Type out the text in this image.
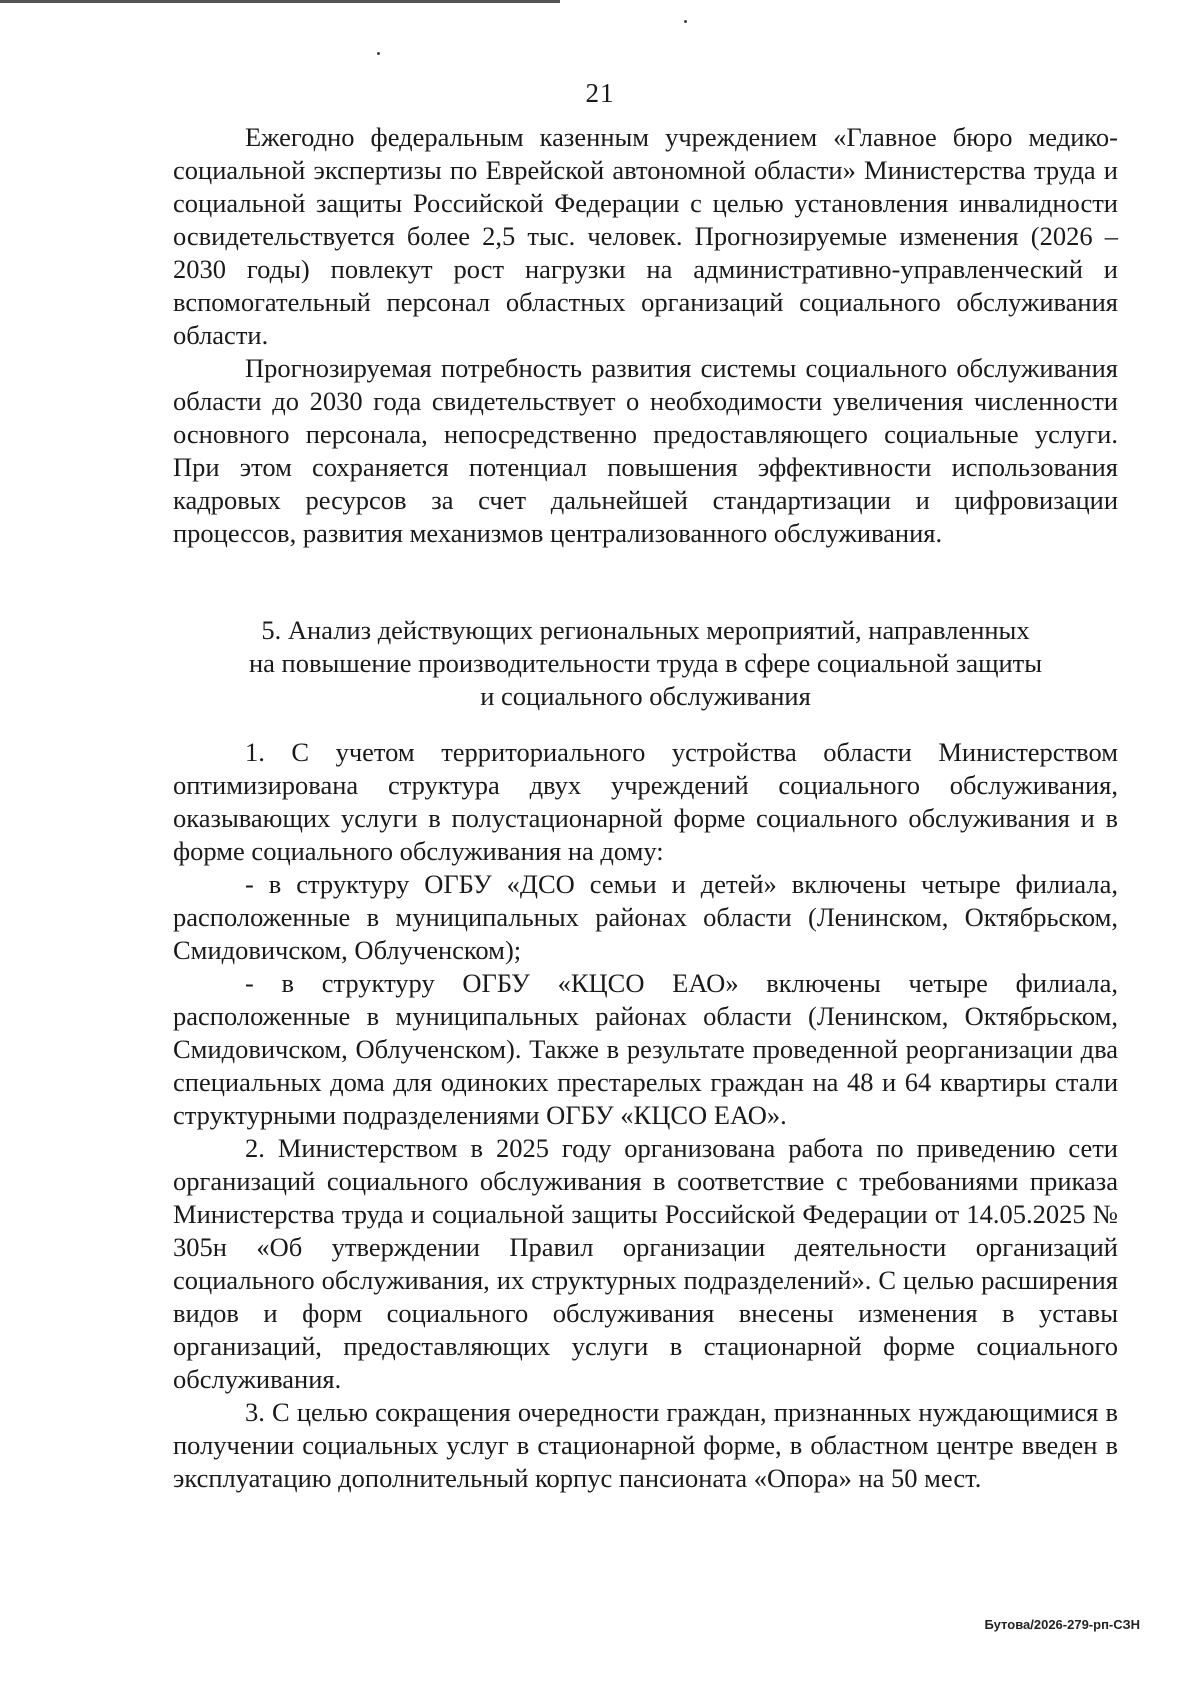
21

Ежегодно федеральным казенным учреждением «Главное бюро медико-социальной экспертизы по Еврейской автономной области» Министерства труда и социальной защиты Российской Федерации с целью установления инвалидности освидетельствуется более 2,5 тыс. человек. Прогнозируемые изменения (2026 – 2030 годы) повлекут рост нагрузки на административно-управленческий и вспомогательный персонал областных организаций социального обслуживания области.

Прогнозируемая потребность развития системы социального обслуживания области до 2030 года свидетельствует о необходимости увеличения численности основного персонала, непосредственно предоставляющего социальные услуги. При этом сохраняется потенциал повышения эффективности использования кадровых ресурсов за счет дальнейшей стандартизации и цифровизации процессов, развития механизмов централизованного обслуживания.

5. Анализ действующих региональных мероприятий, направленных
на повышение производительности труда в сфере социальной защиты
и социального обслуживания

1. С учетом территориального устройства области Министерством оптимизирована структура двух учреждений социального обслуживания, оказывающих услуги в полустационарной форме социального обслуживания и в форме социального обслуживания на дому:

- в структуру ОГБУ «ДСО семьи и детей» включены четыре филиала, расположенные в муниципальных районах области (Ленинском, Октябрьском, Смидовичском, Облученском);

- в структуру ОГБУ «КЦСО ЕАО» включены четыре филиала, расположенные в муниципальных районах области (Ленинском, Октябрьском, Смидовичском, Облученском). Также в результате проведенной реорганизации два специальных дома для одиноких престарелых граждан на 48 и 64 квартиры стали структурными подразделениями ОГБУ «КЦСО ЕАО».

2. Министерством в 2025 году организована работа по приведению сети организаций социального обслуживания в соответствие с требованиями приказа Министерства труда и социальной защиты Российской Федерации от 14.05.2025 № 305н «Об утверждении Правил организации деятельности организаций социального обслуживания, их структурных подразделений». С целью расширения видов и форм социального обслуживания внесены изменения в уставы организаций, предоставляющих услуги в стационарной форме социального обслуживания.

3. С целью сокращения очередности граждан, признанных нуждающимися в получении социальных услуг в стационарной форме, в областном центре введен в эксплуатацию дополнительный корпус пансионата «Опора» на 50 мест.

Бутова/2026-279-рп-СЗН
